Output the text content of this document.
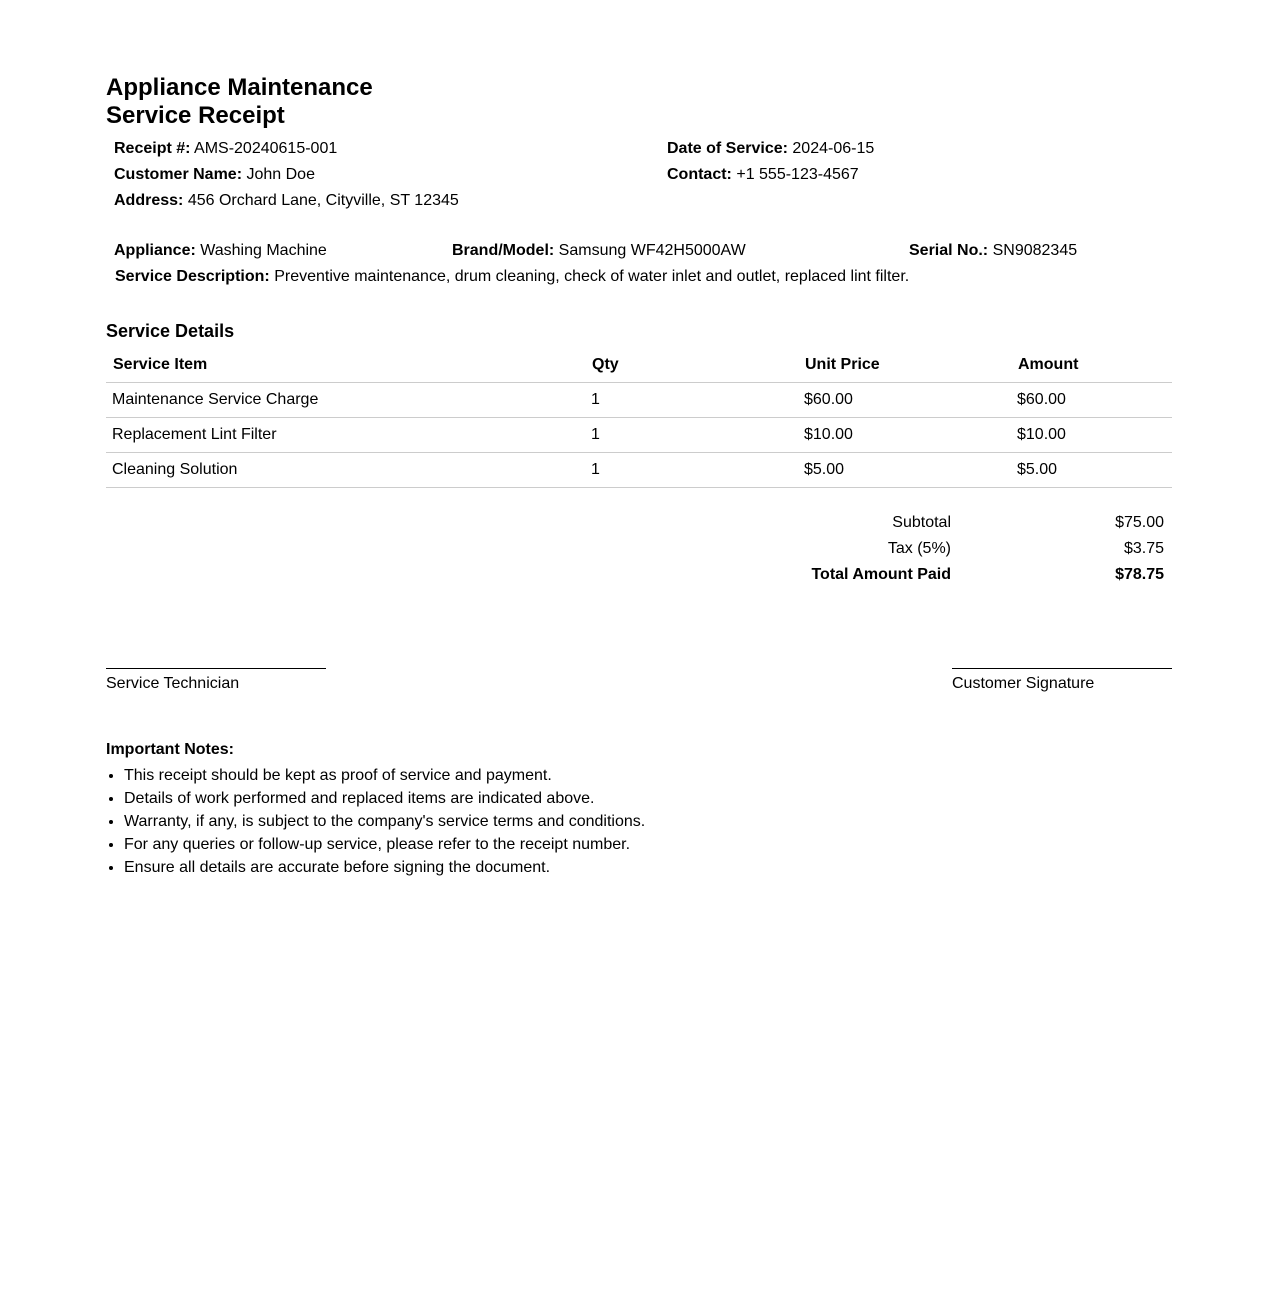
Appliance Maintenance
Service Receipt
Receipt #: AMS-20240615-001	Date of Service: 2024-06-15
Customer Name: John Doe	Contact: +1 555-123-4567
Address: 456 Orchard Lane, Cityville, ST 12345
Appliance: Washing Machine	Brand/Model: Samsung WF42H5000AW	Serial No.: SN9082345
Service Description: Preventive maintenance, drum cleaning, check of water inlet and outlet, replaced lint filter.
Service Details
Service Item	Qty	Unit Price	Amount
Maintenance Service Charge	1	$60.00	$60.00
Replacement Lint Filter	1	$10.00	$10.00
Cleaning Solution	1	$5.00	$5.00
Subtotal	$75.00
Tax (5%)	$3.75
Total Amount Paid	$78.75
Service Technician	Customer Signature
Important Notes:
• This receipt should be kept as proof of service and payment.
• Details of work performed and replaced items are indicated above.
• Warranty, if any, is subject to the company's service terms and conditions.
• For any queries or follow-up service, please refer to the receipt number.
• Ensure all details are accurate before signing the document.
